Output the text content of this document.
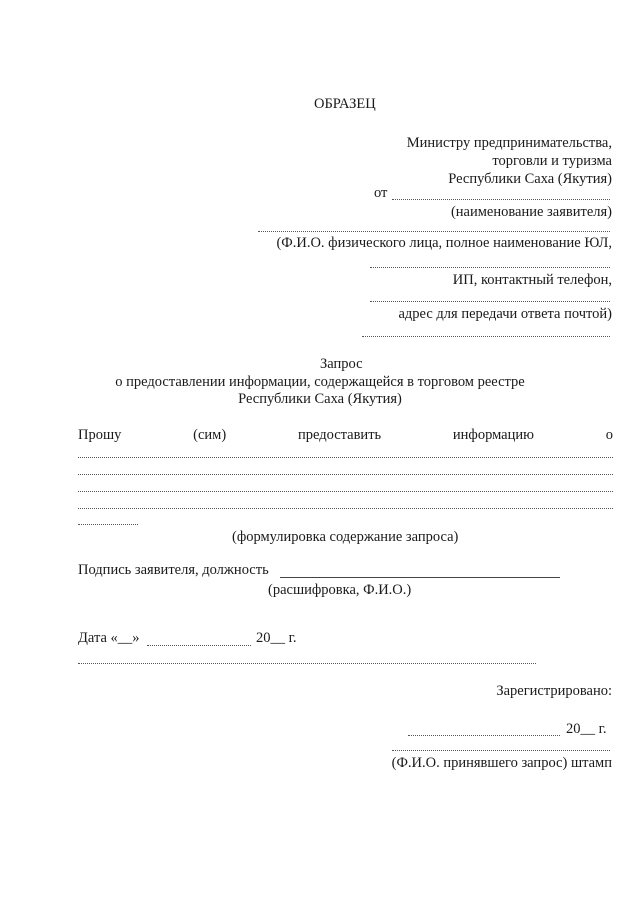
ОБРАЗЕЦ
Министру предпринимательства,
торговли и туризма
Республики Саха (Якутия)
от
(наименование заявителя)
(Ф.И.О. физического лица, полное наименование ЮЛ,
ИП, контактный телефон,
адрес для передачи ответа почтой)
Запрос
о предоставлении информации, содержащейся в торговом реестре
Республики Саха (Якутия)
Прошу	(сим)	предоставить	информацию	о
(формулировка содержание запроса)
Подпись заявителя, должность
(расшифровка, Ф.И.О.)
Дата «__»	20__ г.
Зарегистрировано:
20__ г.
(Ф.И.О. принявшего запрос) штамп
